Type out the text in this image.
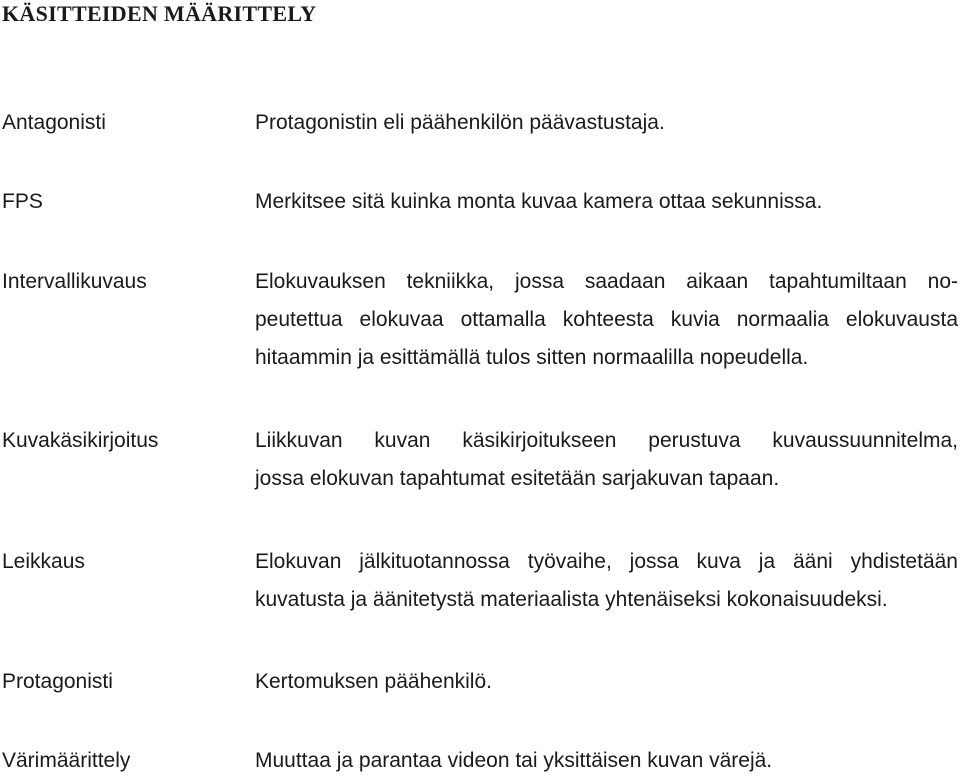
KÄSITTEIDEN MÄÄRITTELY
Antagonisti	Protagonistin eli päähenkilön päävastustaja.
FPS	Merkitsee sitä kuinka monta kuvaa kamera ottaa sekunnissa.
Intervallikuvaus	Elokuvauksen tekniikka, jossa saadaan aikaan tapahtumiltaan no-
peutettua elokuvaa ottamalla kohteesta kuvia normaalia elokuvausta
hitaammin ja esittämällä tulos sitten normaalilla nopeudella.
Kuvakäsikirjoitus	Liikkuvan kuvan käsikirjoitukseen perustuva kuvaussuunnitelma,
jossa elokuvan tapahtumat esitetään sarjakuvan tapaan.
Leikkaus	Elokuvan jälkituotannossa työvaihe, jossa kuva ja ääni yhdistetään
kuvatusta ja äänitetystä materiaalista yhtenäiseksi kokonaisuudeksi.
Protagonisti	Kertomuksen päähenkilö.
Värimäärittely	Muuttaa ja parantaa videon tai yksittäisen kuvan värejä.
